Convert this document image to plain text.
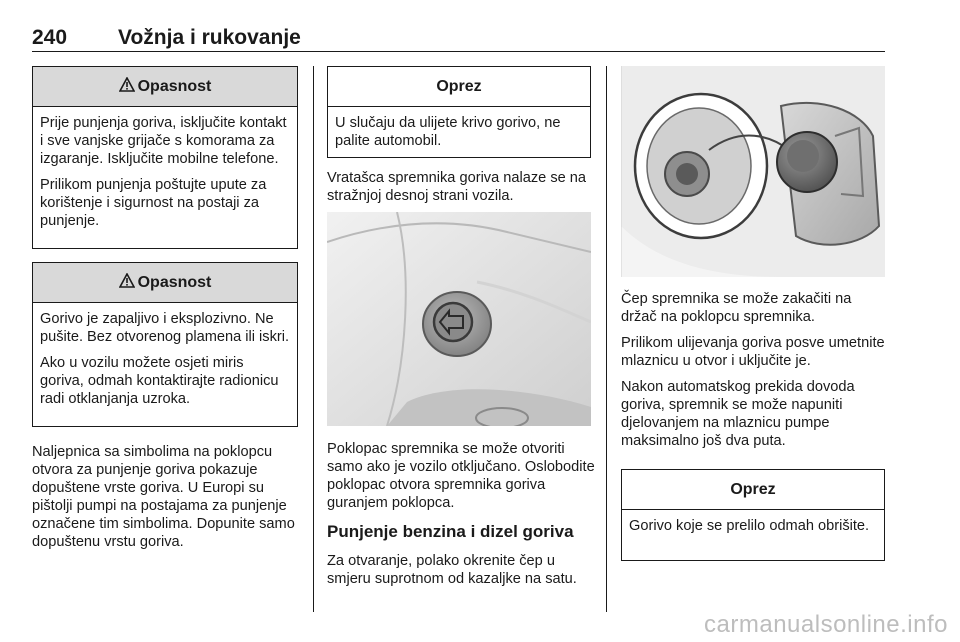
240 Vožnja i rukovanje
Opasnost

Prije punjenja goriva, isključite kontakt i sve vanjske grijače s komorama za izgaranje. Isključite mobilne telefone.

Prilikom punjenja poštujte upute za korištenje i sigurnost na postaji za punjenje.

Opasnost

Gorivo je zapaljivo i eksplozivno. Ne pušite. Bez otvorenog plamena ili iskri.

Ako u vozilu možete osjeti miris goriva, odmah kontaktirajte radionicu radi otklanjanja uzroka.

Naljepnica sa simbolima na poklopcu otvora za punjenje goriva pokazuje dopuštene vrste goriva. U Europi su pištolji pumpi na postajama za punjenje označene tim simbolima. Dopunite samo dopuštenu vrstu goriva.
Oprez

U slučaju da ulijete krivo gorivo, ne palite automobil.

Vratašca spremnika goriva nalaze se na stražnjoj desnoj strani vozila.
Poklopac spremnika se može otvoriti samo ako je vozilo otključano. Oslobodite poklopac otvora spremnika goriva guranjem poklopca.
Punjenje benzina i dizel goriva
Za otvaranje, polako okrenite čep u smjeru suprotnom od kazaljke na satu.

Čep spremnika se može zakačiti na držač na poklopcu spremnika.

Prilikom ulijevanja goriva posve umetnite mlaznicu u otvor i uključite je.

Nakon automatskog prekida dovoda goriva, spremnik se može napuniti djelovanjem na mlaznicu pumpe maksimalno još dva puta.

Oprez

Gorivo koje se prelilo odmah obrišite.

carmanualsonline.info
